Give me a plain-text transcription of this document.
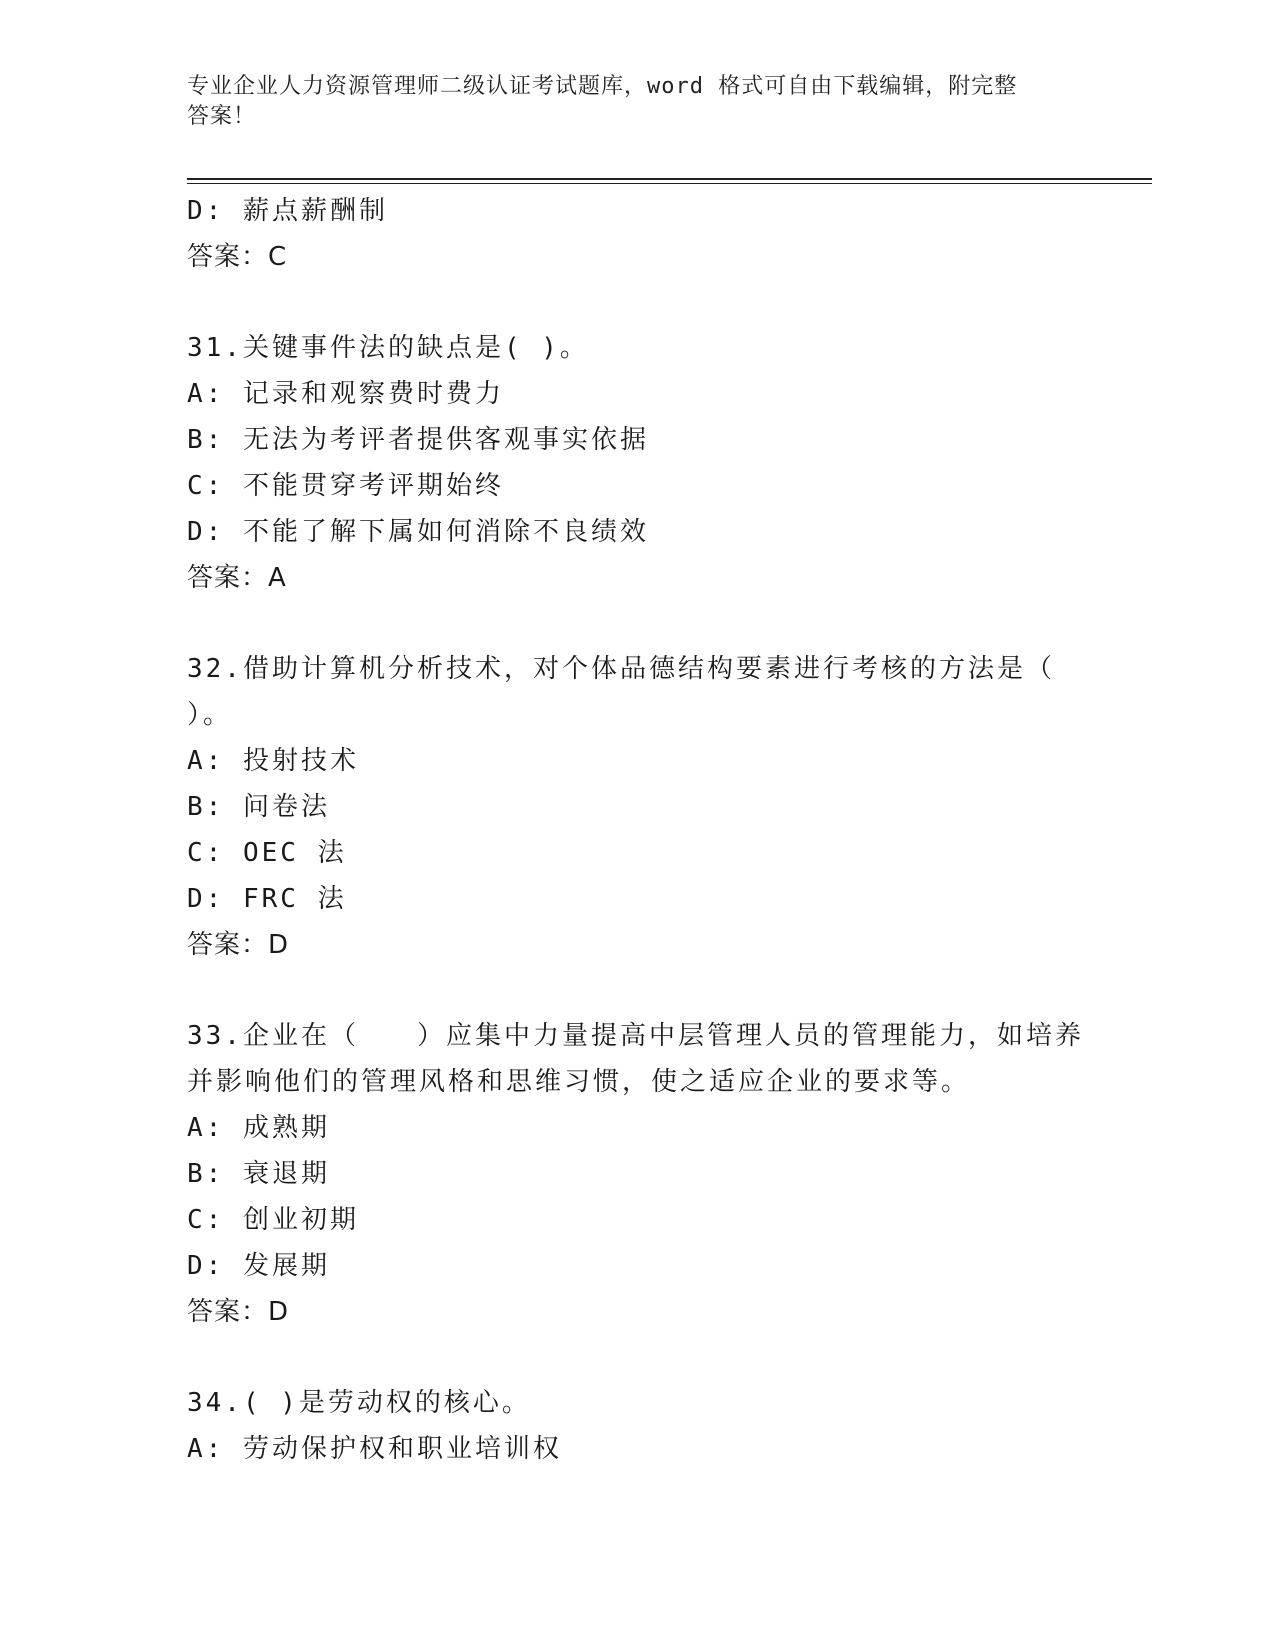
专业企业人力资源管理师二级认证考试题库，word 格式可自由下载编辑，附完整
答案！
D: 薪点薪酬制
答案：C
31.关键事件法的缺点是( )。
A: 记录和观察费时费力
B: 无法为考评者提供客观事实依据
C: 不能贯穿考评期始终
D: 不能了解下属如何消除不良绩效
答案：A
32.借助计算机分析技术，对个体品德结构要素进行考核的方法是（ ）。
A: 投射技术
B: 问卷法
C: OEC 法
D: FRC 法
答案：D
33.企业在（　　）应集中力量提高中层管理人员的管理能力，如培养并影响他们的管理风格和思维习惯，使之适应企业的要求等。
A: 成熟期
B: 衰退期
C: 创业初期
D: 发展期
答案：D
34.( )是劳动权的核心。
A: 劳动保护权和职业培训权
